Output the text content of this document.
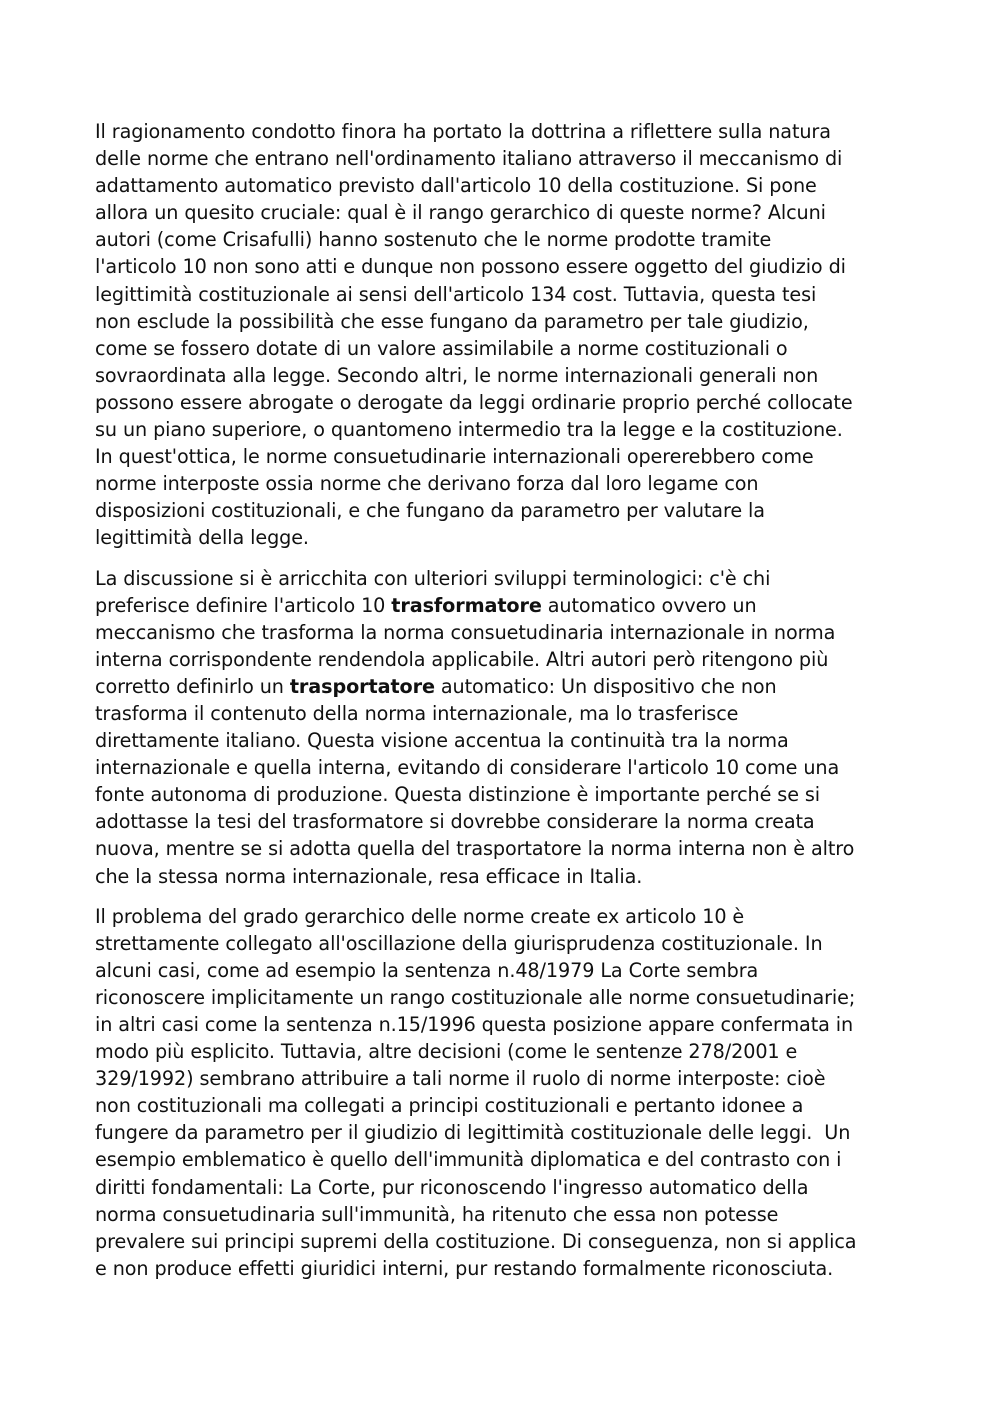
Il ragionamento condotto finora ha portato la dottrina a riflettere sulla natura
delle norme che entrano nell'ordinamento italiano attraverso il meccanismo di
adattamento automatico previsto dall'articolo 10 della costituzione. Si pone
allora un quesito cruciale: qual è il rango gerarchico di queste norme? Alcuni
autori (come Crisafulli) hanno sostenuto che le norme prodotte tramite
l'articolo 10 non sono atti e dunque non possono essere oggetto del giudizio di
legittimità costituzionale ai sensi dell'articolo 134 cost. Tuttavia, questa tesi
non esclude la possibilità che esse fungano da parametro per tale giudizio,
come se fossero dotate di un valore assimilabile a norme costituzionali o
sovraordinata alla legge. Secondo altri, le norme internazionali generali non
possono essere abrogate o derogate da leggi ordinarie proprio perché collocate
su un piano superiore, o quantomeno intermedio tra la legge e la costituzione.
In quest'ottica, le norme consuetudinarie internazionali opererebbero come
norme interposte ossia norme che derivano forza dal loro legame con
disposizioni costituzionali, e che fungano da parametro per valutare la
legittimità della legge.

La discussione si è arricchita con ulteriori sviluppi terminologici: c'è chi
preferisce definire l'articolo 10 trasformatore automatico ovvero un
meccanismo che trasforma la norma consuetudinaria internazionale in norma
interna corrispondente rendendola applicabile. Altri autori però ritengono più
corretto definirlo un trasportatore automatico: Un dispositivo che non
trasforma il contenuto della norma internazionale, ma lo trasferisce
direttamente italiano. Questa visione accentua la continuità tra la norma
internazionale e quella interna, evitando di considerare l'articolo 10 come una
fonte autonoma di produzione. Questa distinzione è importante perché se si
adottasse la tesi del trasformatore si dovrebbe considerare la norma creata
nuova, mentre se si adotta quella del trasportatore la norma interna non è altro
che la stessa norma internazionale, resa efficace in Italia.

Il problema del grado gerarchico delle norme create ex articolo 10 è
strettamente collegato all'oscillazione della giurisprudenza costituzionale. In
alcuni casi, come ad esempio la sentenza n.48/1979 La Corte sembra
riconoscere implicitamente un rango costituzionale alle norme consuetudinarie;
in altri casi come la sentenza n.15/1996 questa posizione appare confermata in
modo più esplicito. Tuttavia, altre decisioni (come le sentenze 278/2001 e
329/1992) sembrano attribuire a tali norme il ruolo di norme interposte: cioè
non costituzionali ma collegati a principi costituzionali e pertanto idonee a
fungere da parametro per il giudizio di legittimità costituzionale delle leggi.  Un
esempio emblematico è quello dell'immunità diplomatica e del contrasto con i
diritti fondamentali: La Corte, pur riconoscendo l'ingresso automatico della
norma consuetudinaria sull'immunità, ha ritenuto che essa non potesse
prevalere sui principi supremi della costituzione. Di conseguenza, non si applica
e non produce effetti giuridici interni, pur restando formalmente riconosciuta.
